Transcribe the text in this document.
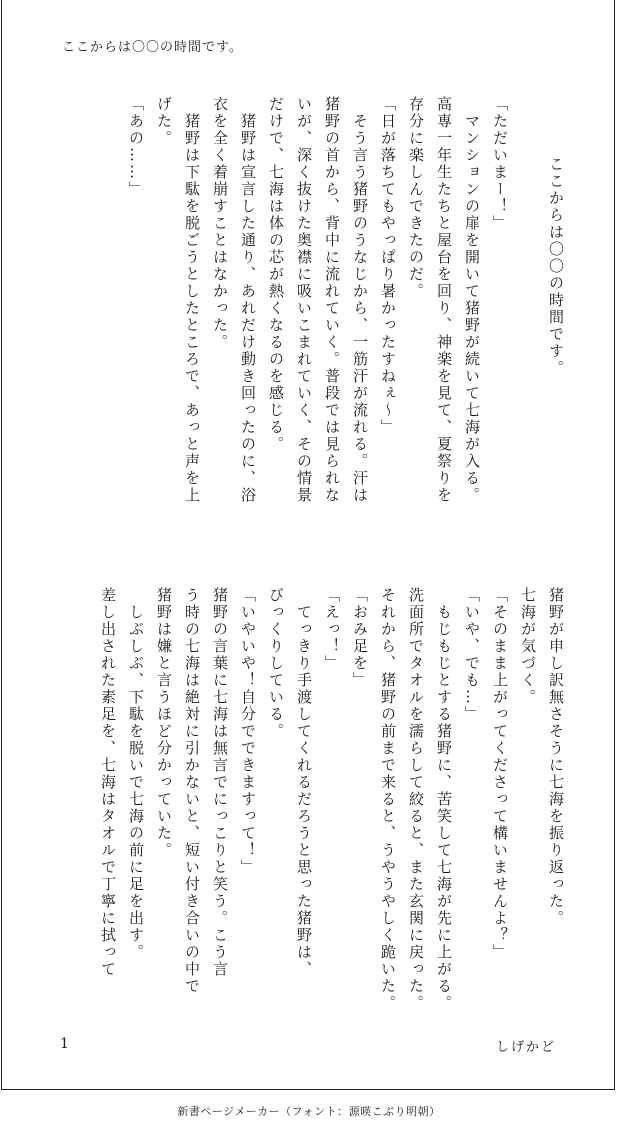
ここからは〇〇の時間です。
ここからは〇〇の時間です。
「ただいまー！」
　マンションの扉を開いて猪野が続いて七海が入る。
高専一年生たちと屋台を回り、神楽を見て、夏祭りを
存分に楽しんできたのだ。
「日が落ちてもやっぱり暑かったすねぇ～」
　そう言う猪野のうなじから、一筋汗が流れる。汗は
猪野の首から、背中に流れていく。普段では見られな
いが、深く抜けた奥襟に吸いこまれていく、その情景
だけで、七海は体の芯が熱くなるのを感じる。
　猪野は宣言した通り、あれだけ動き回ったのに、浴
衣を全く着崩すことはなかった。
　猪野は下駄を脱ごうとしたところで、あっと声を上
げた。
「あの……」
猪野が申し訳無さそうに七海を振り返った。
七海が気づく。
「そのまま上がってくださって構いませんよ？」
「いや、でも…」
　もじもじとする猪野に、苦笑して七海が先に上がる。
洗面所でタオルを濡らして絞ると、また玄関に戻った。
それから、猪野の前まで来ると、うやうやしく跪いた。
「おみ足を」
「えっ！」
　てっきり手渡してくれるだろうと思った猪野は、
びっくりしている。
「いやいや！自分でできますって！」
猪野の言葉に七海は無言でにっこりと笑う。こう言
う時の七海は絶対に引かないと、短い付き合いの中で
猪野は嫌と言うほど分かっていた。
　しぶしぶ、下駄を脱いで七海の前に足を出す。
差し出された素足を、七海はタオルで丁寧に拭って
1	しげかど
新書ページメーカー（フォント：源暎こぶり明朝）
